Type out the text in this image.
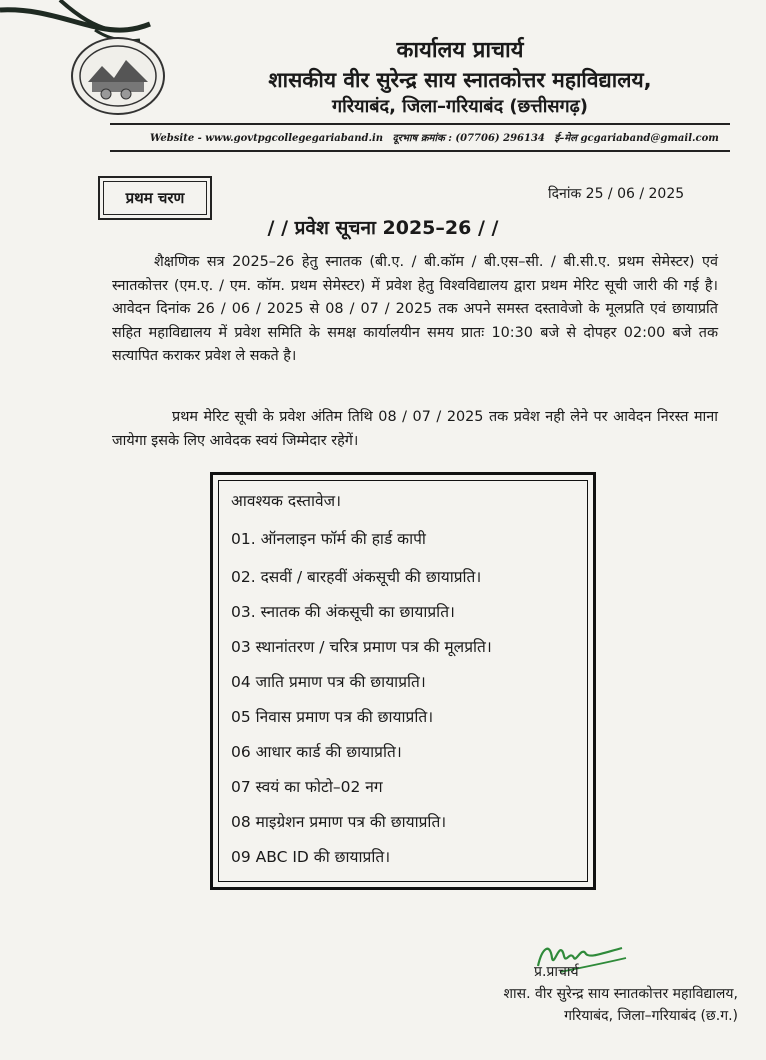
कार्यालय प्राचार्य
शासकीय वीर सुरेन्द्र साय स्नातकोत्तर महाविद्यालय,
गरियाबंद, जिला–गरियाबंद (छत्तीसगढ़)
Website - www.govtpgcollegegariaband.in दूरभाष क्रमांक : (07706) 296134 ई–मेल gcgariaband@gmail.com
प्रथम चरण	दिनांक 25 / 06 / 2025
/ / प्रवेश सूचना 2025–26 / /
शैक्षणिक सत्र 2025–26 हेतु स्नातक (बी.ए. / बी.कॉम / बी.एस–सी. / बी.सी.ए. प्रथम सेमेस्टर) एवं स्नातकोत्तर (एम.ए. / एम. कॉम. प्रथम सेमेस्टर) में प्रवेश हेतु विश्वविद्यालय द्वारा प्रथम मेरिट सूची जारी की गई है। आवेदन दिनांक 26 / 06 / 2025 से 08 / 07 / 2025 तक अपने समस्त दस्तावेजो के मूलप्रति एवं छायाप्रति सहित महाविद्यालय में प्रवेश समिति के समक्ष कार्यालयीन समय प्रातः 10:30 बजे से दोपहर 02:00 बजे तक सत्यापित कराकर प्रवेश ले सकते है।
प्रथम मेरिट सूची के प्रवेश अंतिम तिथि 08 / 07 / 2025 तक प्रवेश नही लेने पर आवेदन निरस्त माना जायेगा इसके लिए आवेदक स्वयं जिम्मेदार रहेगें।
आवश्यक दस्तावेज।
01. ऑनलाइन फॉर्म की हार्ड कापी
02. दसवीं / बारहवीं अंकसूची की छायाप्रति।
03. स्नातक की अंकसूची का छायाप्रति।
03 स्थानांतरण / चरित्र प्रमाण पत्र की मूलप्रति।
04 जाति प्रमाण पत्र की छायाप्रति।
05 निवास प्रमाण पत्र की छायाप्रति।
06 आधार कार्ड की छायाप्रति।
07 स्वयं का फोटो–02 नग
08 माइग्रेशन प्रमाण पत्र की छायाप्रति।
09 ABC ID की छायाप्रति।
प्र.प्राचार्य
शास. वीर सुरेन्द्र साय स्नातकोत्तर महाविद्यालय,
गरियाबंद, जिला–गरियाबंद (छ.ग.)
